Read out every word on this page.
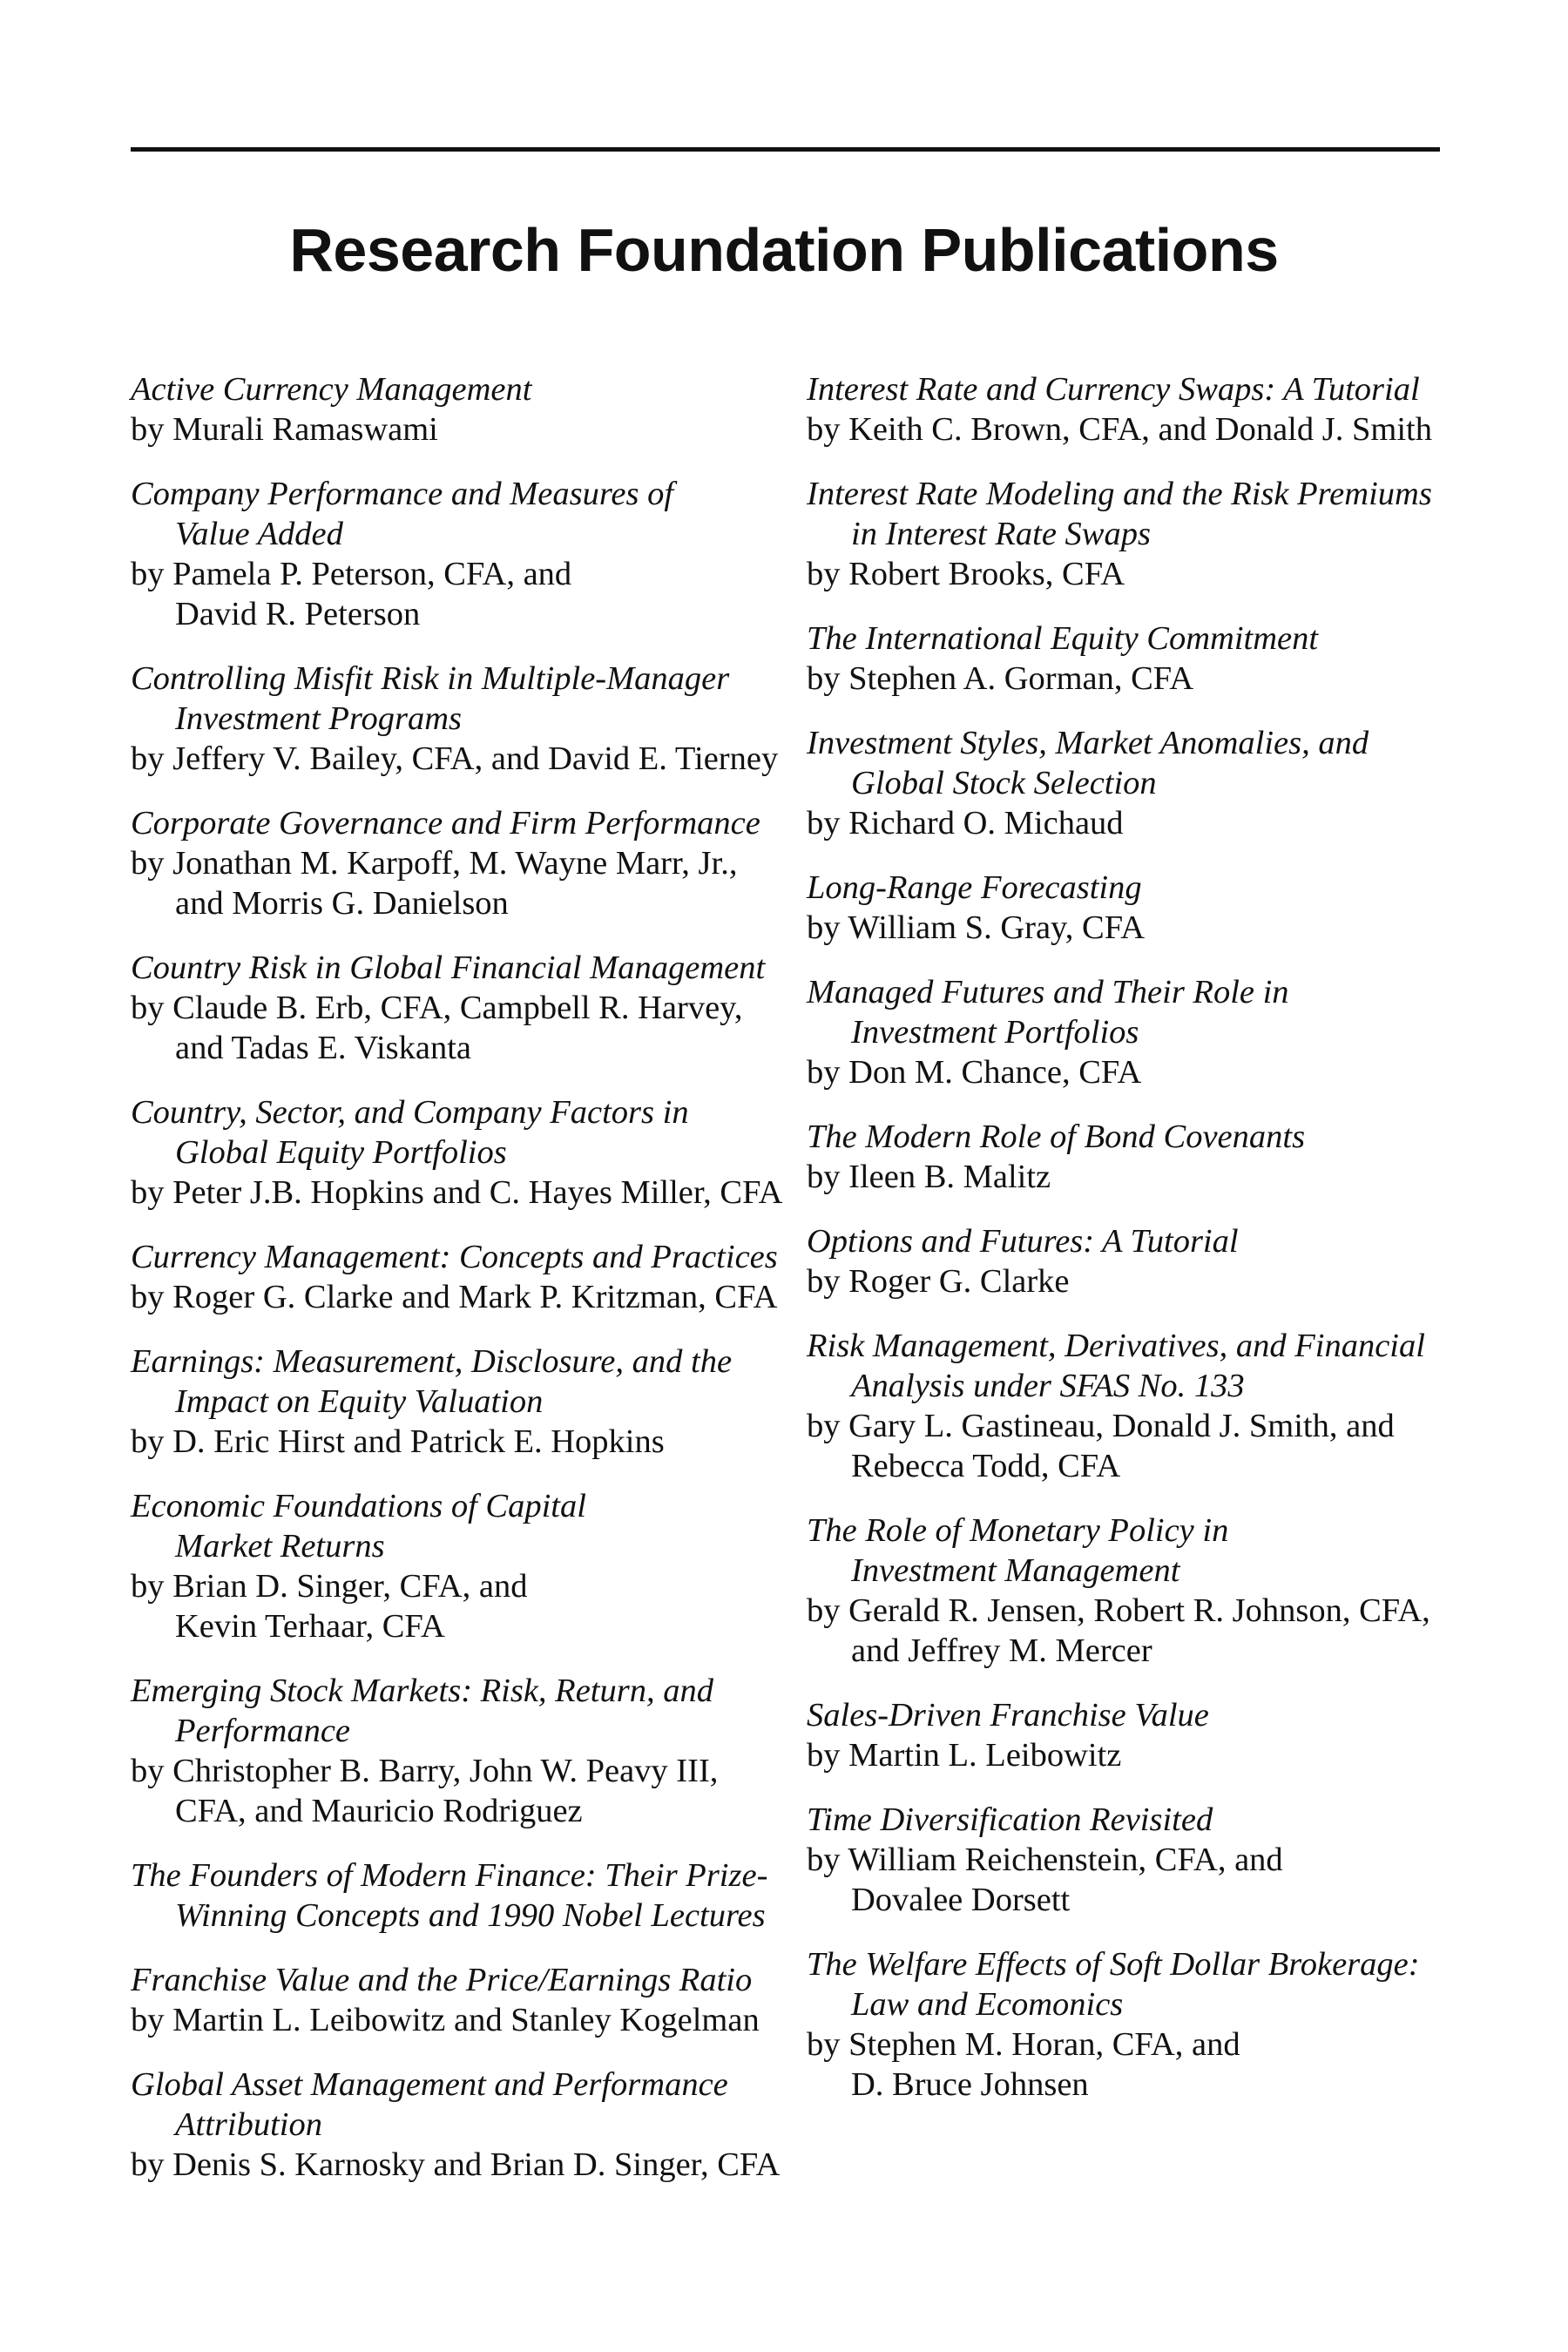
Research Foundation Publications
Active Currency Management
by Murali Ramaswami
Company Performance and Measures of
Value Added
by Pamela P. Peterson, CFA, and
David R. Peterson
Controlling Misfit Risk in Multiple-Manager
Investment Programs
by Jeffery V. Bailey, CFA, and David E. Tierney
Corporate Governance and Firm Performance
by Jonathan M. Karpoff, M. Wayne Marr, Jr.,
and Morris G. Danielson
Country Risk in Global Financial Management
by Claude B. Erb, CFA, Campbell R. Harvey,
and Tadas E. Viskanta
Country, Sector, and Company Factors in
Global Equity Portfolios
by Peter J.B. Hopkins and C. Hayes Miller, CFA
Currency Management: Concepts and Practices
by Roger G. Clarke and Mark P. Kritzman, CFA
Earnings: Measurement, Disclosure, and the
Impact on Equity Valuation
by D. Eric Hirst and Patrick E. Hopkins
Economic Foundations of Capital
Market Returns
by Brian D. Singer, CFA, and
Kevin Terhaar, CFA
Emerging Stock Markets: Risk, Return, and
Performance
by Christopher B. Barry, John W. Peavy III,
CFA, and Mauricio Rodriguez
The Founders of Modern Finance: Their Prize-
Winning Concepts and 1990 Nobel Lectures
Franchise Value and the Price/Earnings Ratio
by Martin L. Leibowitz and Stanley Kogelman
Global Asset Management and Performance
Attribution
by Denis S. Karnosky and Brian D. Singer, CFA
Interest Rate and Currency Swaps: A Tutorial
by Keith C. Brown, CFA, and Donald J. Smith
Interest Rate Modeling and the Risk Premiums
in Interest Rate Swaps
by Robert Brooks, CFA
The International Equity Commitment
by Stephen A. Gorman, CFA
Investment Styles, Market Anomalies, and
Global Stock Selection
by Richard O. Michaud
Long-Range Forecasting
by William S. Gray, CFA
Managed Futures and Their Role in
Investment Portfolios
by Don M. Chance, CFA
The Modern Role of Bond Covenants
by Ileen B. Malitz
Options and Futures: A Tutorial
by Roger G. Clarke
Risk Management, Derivatives, and Financial
Analysis under SFAS No. 133
by Gary L. Gastineau, Donald J. Smith, and
Rebecca Todd, CFA
The Role of Monetary Policy in
Investment Management
by Gerald R. Jensen, Robert R. Johnson, CFA,
and Jeffrey M. Mercer
Sales-Driven Franchise Value
by Martin L. Leibowitz
Time Diversification Revisited
by William Reichenstein, CFA, and
Dovalee Dorsett
The Welfare Effects of Soft Dollar Brokerage:
Law and Ecomonics
by Stephen M. Horan, CFA, and
D. Bruce Johnsen
